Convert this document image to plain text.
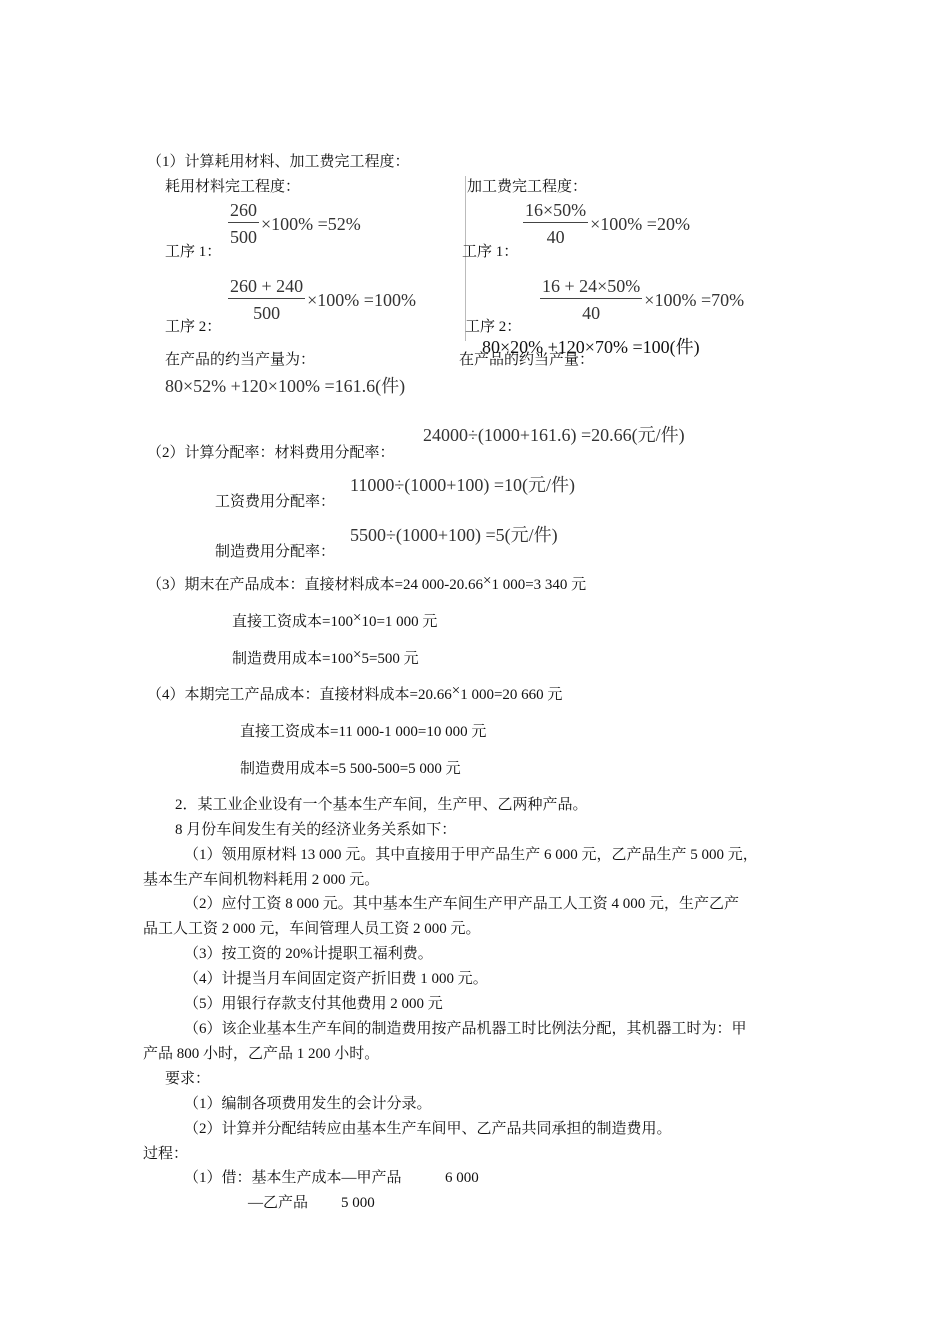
（1）计算耗用材料、加工费完工程度：
耗用材料完工程度：
$\frac{260}{500} \times 100\% =52\%$
工序 1：
$\frac{260 + 240}{500} \times 100\% =100\%$
工序 2：
在产品的约当产量为：
80×52% +120×100% =161.6(件)
加工费完工程度：
$\frac{16\times 50\%}{40} \times 100\% =20\%$
工序 1：
$\frac{16 + 24\times 50\%}{40} \times 100\% =70\%$
工序 2：
80×20% +120×70% =100(件)
在产品的约当产量：
24000÷(1000+161.6) =20.66(元/件)
（2）计算分配率：材料费用分配率：
11000÷(1000+100) =10(元/件)
工资费用分配率：
5500÷(1000+100) =5(元/件)
制造费用分配率：
（3）期末在产品成本：直接材料成本=24 000-20.66×1 000=3 340 元
直接工资成本=100×10=1 000 元
制造费用成本=100×5=500 元
（4）本期完工产品成本：直接材料成本=20.66×1 000=20 660 元
直接工资成本=11 000-1 000=10 000 元
制造费用成本=5 500-500=5 000 元
2．某工业企业设有一个基本生产车间，生产甲、乙两种产品。
8 月份车间发生有关的经济业务关系如下：
（1）领用原材料 13 000 元。其中直接用于甲产品生产 6 000 元，乙产品生产 5 000 元，
基本生产车间机物料耗用 2 000 元。
（2）应付工资 8 000 元。其中基本生产车间生产甲产品工人工资 4 000 元，生产乙产
品工人工资 2 000 元，车间管理人员工资 2 000 元。
（3）按工资的 20%计提职工福利费。
（4）计提当月车间固定资产折旧费 1 000 元。
（5）用银行存款支付其他费用 2 000 元
（6）该企业基本生产车间的制造费用按产品机器工时比例法分配，其机器工时为：甲
产品 800 小时，乙产品 1 200 小时。
要求：
（1）编制各项费用发生的会计分录。
（2）计算并分配结转应由基本生产车间甲、乙产品共同承担的制造费用。
过程：
（1）借：基本生产成本—甲产品	6 000
—乙产品 5 000
